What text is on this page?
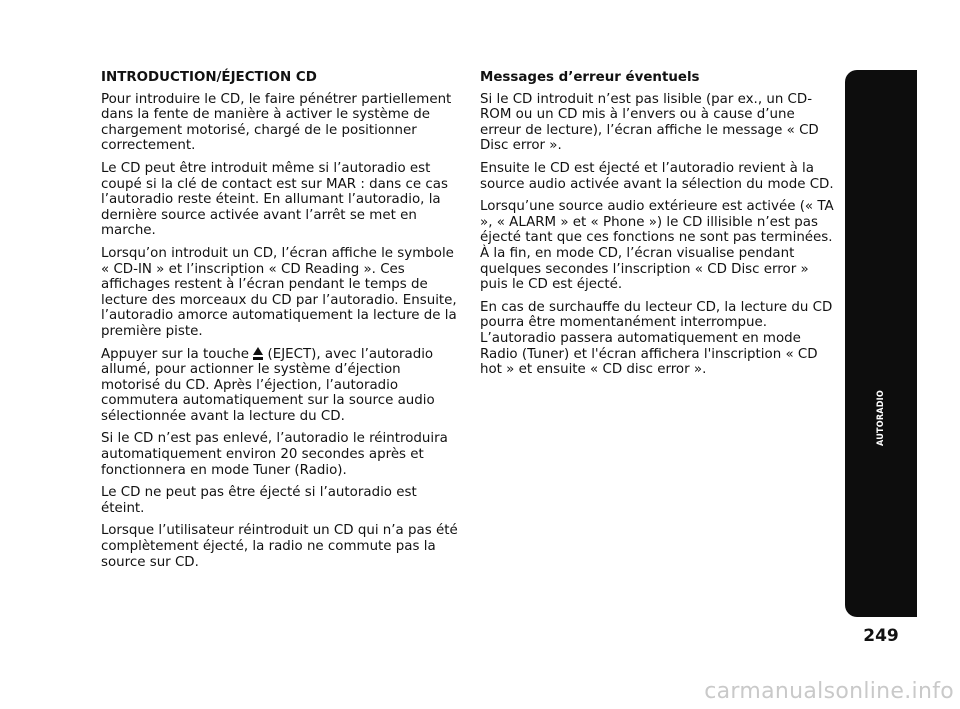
INTRODUCTION/ÉJECTION CD

Pour introduire le CD, le faire pénétrer partiellement dans la fente de manière à activer le système de chargement motorisé, chargé de le positionner correctement.

Le CD peut être introduit même si l’autoradio est coupé si la clé de contact est sur MAR : dans ce cas l’autoradio reste éteint. En allumant l’autoradio, la dernière source activée avant l’arrêt se met en marche.

Lorsqu’on introduit un CD, l’écran affiche le symbole « CD-IN » et l’inscription « CD Reading ». Ces affichages restent à l’écran pendant le temps de lecture des morceaux du CD par l’autoradio. Ensuite, l’autoradio amorce automatiquement la lecture de la première piste.

Appuyer sur la touche
(EJECT), avec l’autoradio allumé, pour actionner le système d’éjection motorisé du CD. Après l’éjection, l’autoradio commutera automatiquement sur la source audio sélectionnée avant la lecture du CD.

Si le CD n’est pas enlevé, l’autoradio le réintroduira automatiquement environ 20 secondes après et fonctionnera en mode Tuner (Radio).

Le CD ne peut pas être éjecté si l’autoradio est éteint.

Lorsque l’utilisateur réintroduit un CD qui n’a pas été complètement éjecté, la radio ne commute pas la source sur CD.

Messages d’erreur éventuels

Si le CD introduit n’est pas lisible (par ex., un CD-ROM ou un CD mis à l’envers ou à cause d’une erreur de lecture), l’écran affiche le message « CD Disc error ».

Ensuite le CD est éjecté et l’autoradio revient à la source audio activée avant la sélection du mode CD.

Lorsqu’une source audio extérieure est activée (« TA », « ALARM » et « Phone ») le CD illisible n’est pas éjecté tant que ces fonctions ne sont pas terminées. À la fin, en mode CD, l’écran visualise pendant quelques secondes l’inscription « CD Disc error » puis le CD est éjecté.

En cas de surchauffe du lecteur CD, la lecture du CD pourra être momentanément interrompue. L’autoradio passera automatiquement en mode Radio (Tuner) et l'écran affichera l'inscription « CD hot » et ensuite « CD disc error ».

AUTORADIO
249
carmanualsonline.info
